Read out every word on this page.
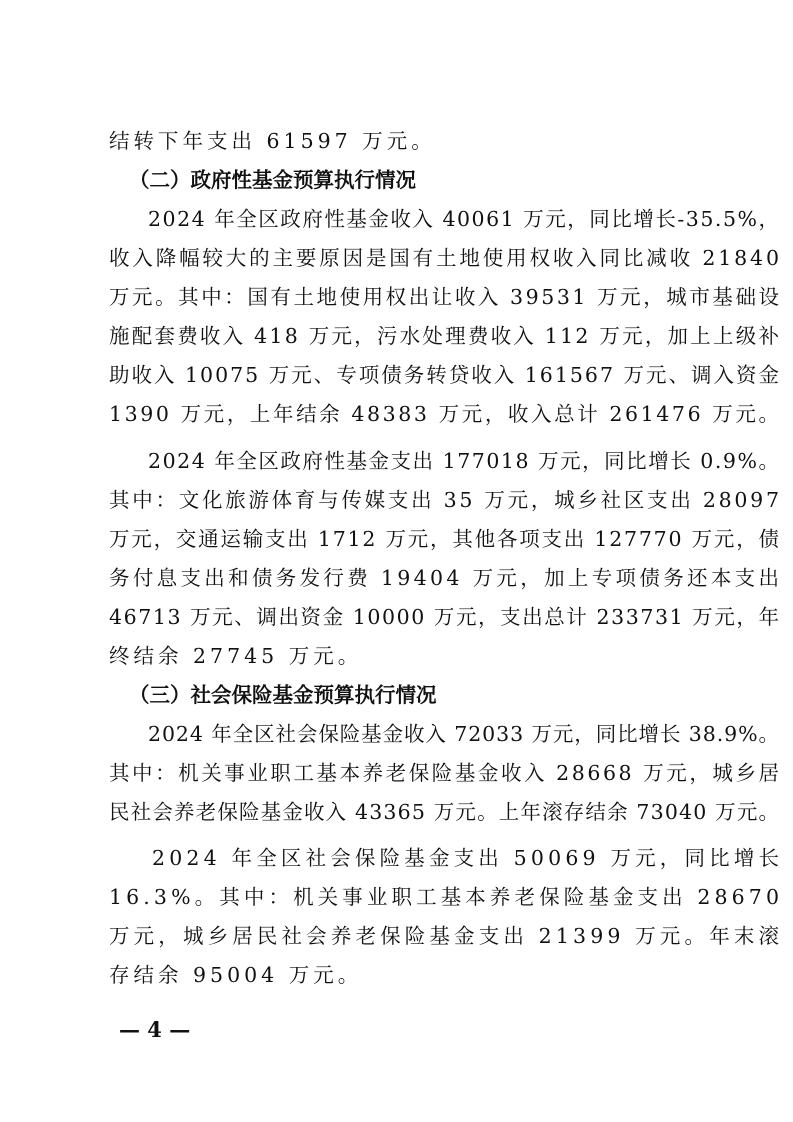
结转下年支出 61597 万元。
（二）政府性基金预算执行情况
2024 年全区政府性基金收入 40061 万元，同比增长-35.5%，
收入降幅较大的主要原因是国有土地使用权收入同比减收 21840
万元。其中：国有土地使用权出让收入 39531 万元，城市基础设
施配套费收入 418 万元，污水处理费收入 112 万元，加上上级补
助收入 10075 万元、专项债务转贷收入 161567 万元、调入资金
1390 万元，上年结余 48383 万元，收入总计 261476 万元。
2024 年全区政府性基金支出 177018 万元，同比增长 0.9%。
其中：文化旅游体育与传媒支出 35 万元，城乡社区支出 28097
万元，交通运输支出 1712 万元，其他各项支出 127770 万元，债
务付息支出和债务发行费 19404 万元，加上专项债务还本支出
46713 万元、调出资金 10000 万元，支出总计 233731 万元，年
终结余 27745 万元。
（三）社会保险基金预算执行情况
2024 年全区社会保险基金收入 72033 万元，同比增长 38.9%。
其中：机关事业职工基本养老保险基金收入 28668 万元，城乡居
民社会养老保险基金收入 43365 万元。上年滚存结余 73040 万元。
2024 年全区社会保险基金支出 50069 万元，同比增长
16.3%。其中：机关事业职工基本养老保险基金支出 28670
万元，城乡居民社会养老保险基金支出 21399 万元。年末滚
存结余 95004 万元。
— 4 —
